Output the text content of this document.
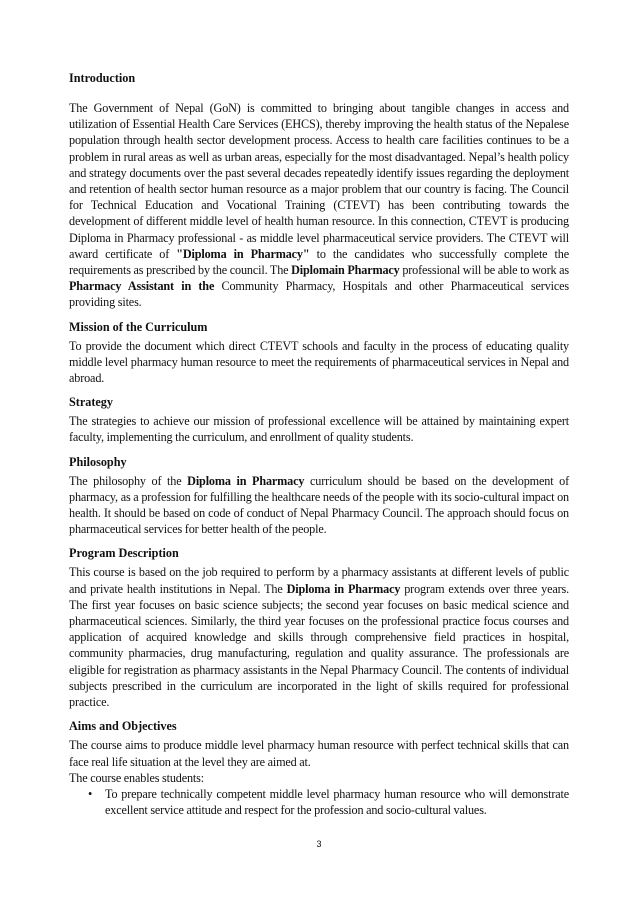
Introduction

The Government of Nepal (GoN) is committed to bringing about tangible changes in access and utilization of Essential Health Care Services (EHCS), thereby improving the health status of the Nepalese population through health sector development process. Access to health care facilities continues to be a problem in rural areas as well as urban areas, especially for the most disadvantaged. Nepal’s health policy and strategy documents over the past several decades repeatedly identify issues regarding the deployment and retention of health sector human resource as a major problem that our country is facing. The Council for Technical Education and Vocational Training (CTEVT) has been contributing towards the development of different middle level of health human resource. In this connection, CTEVT is producing Diploma in Pharmacy professional - as middle level pharmaceutical service providers. The CTEVT will award certificate of "Diploma in Pharmacy" to the candidates who successfully complete the requirements as prescribed by the council. The Diplomain Pharmacy professional will be able to work as Pharmacy Assistant in the Community Pharmacy, Hospitals and other Pharmaceutical services providing sites.

Mission of the Curriculum

To provide the document which direct CTEVT schools and faculty in the process of educating quality middle level pharmacy human resource to meet the requirements of pharmaceutical services in Nepal and abroad.

Strategy

The strategies to achieve our mission of professional excellence will be attained by maintaining expert faculty, implementing the curriculum, and enrollment of quality students.

Philosophy

The philosophy of the Diploma in Pharmacy curriculum should be based on the development of pharmacy, as a profession for fulfilling the healthcare needs of the people with its socio-cultural impact on health. It should be based on code of conduct of Nepal Pharmacy Council. The approach should focus on pharmaceutical services for better health of the people.

Program Description

This course is based on the job required to perform by a pharmacy assistants at different levels of public and private health institutions in Nepal. The Diploma in Pharmacy program extends over three years. The first year focuses on basic science subjects; the second year focuses on basic medical science and pharmaceutical sciences. Similarly, the third year focuses on the professional practice focus courses and application of acquired knowledge and skills through comprehensive field practices in hospital, community pharmacies, drug manufacturing, regulation and quality assurance. The professionals are eligible for registration as pharmacy assistants in the Nepal Pharmacy Council. The contents of individual subjects prescribed in the curriculum are incorporated in the light of skills required for professional practice.

Aims and Objectives

The course aims to produce middle level pharmacy human resource with perfect technical skills that can face real life situation at the level they are aimed at.

The course enables students:

• To prepare technically competent middle level pharmacy human resource who will demonstrate excellent service attitude and respect for the profession and socio-cultural values.
3
